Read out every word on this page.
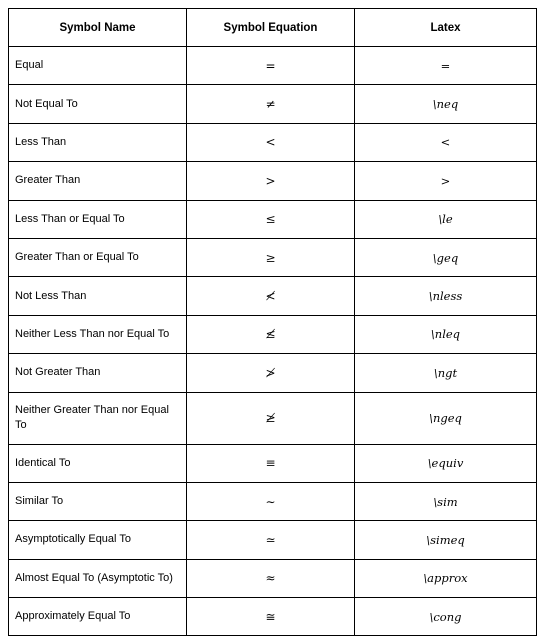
Symbol Name	Symbol Equation	Latex
Equal	=	=
Not Equal To	≠	\neq
Less Than	<	<
Greater Than	>	>
Less Than or Equal To	≤	\le
Greater Than or Equal To	≥	\geq
Not Less Than	≮	\nless
Neither Less Than nor Equal To	≰	\nleq
Not Greater Than	≯	\ngt
Neither Greater Than nor Equal To	≱	\ngeq
Identical To	≡	\equiv
Similar To	∼	\sim
Asymptotically Equal To	≃	\simeq
Almost Equal To (Asymptotic To)	≈	\approx
Approximately Equal To	≅	\cong
